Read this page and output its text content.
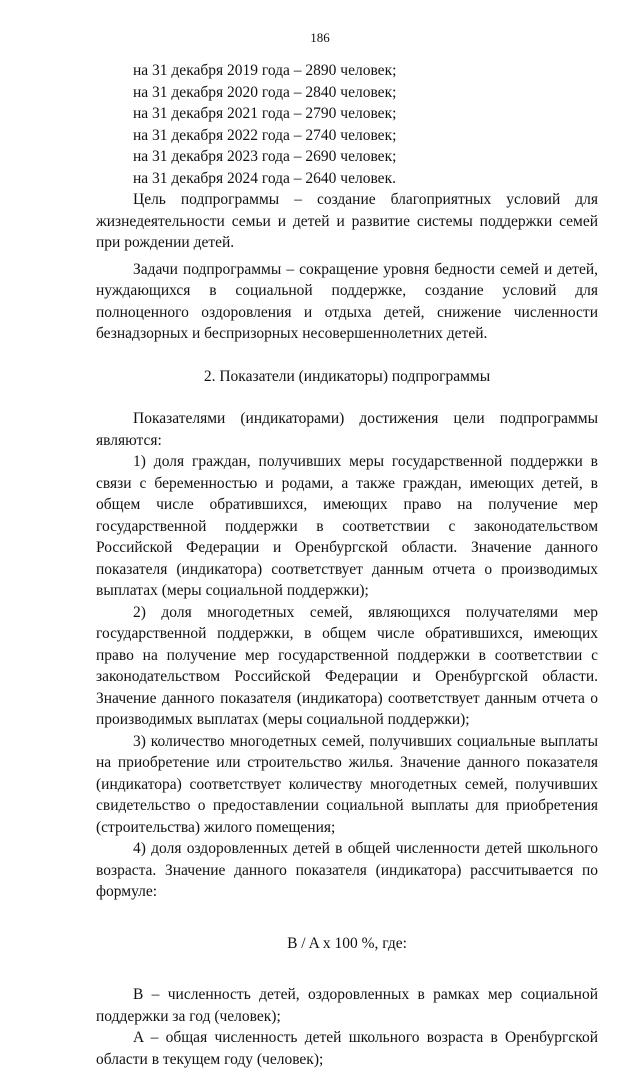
186

на 31 декабря 2019 года – 2890 человек;

на 31 декабря 2020 года – 2840 человек;

на 31 декабря 2021 года – 2790 человек;

на 31 декабря 2022 года – 2740 человек;

на 31 декабря 2023 года – 2690 человек;

на 31 декабря 2024 года – 2640 человек.

Цель подпрограммы – создание благоприятных условий для жизнедеятельности семьи и детей и развитие системы поддержки семей при рождении детей.

Задачи подпрограммы – сокращение уровня бедности семей и детей, нуждающихся в социальной поддержке, создание условий для полноценного оздоровления и отдыха детей, снижение численности безнадзорных и беспризорных несовершеннолетних детей.

2. Показатели (индикаторы) подпрограммы

Показателями (индикаторами) достижения цели подпрограммы являются:

1) доля граждан, получивших меры государственной поддержки в связи с беременностью и родами, а также граждан, имеющих детей, в общем числе обратившихся, имеющих право на получение мер государственной поддержки в соответствии с законодательством Российской Федерации и Оренбургской области. Значение данного показателя (индикатора) соответствует данным отчета о производимых выплатах (меры социальной поддержки);

2) доля многодетных семей, являющихся получателями мер государственной поддержки, в общем числе обратившихся, имеющих право на получение мер государственной поддержки в соответствии с законодательством Российской Федерации и Оренбургской области. Значение данного показателя (индикатора) соответствует данным отчета о производимых выплатах (меры социальной поддержки);

3) количество многодетных семей, получивших социальные выплаты на приобретение или строительство жилья. Значение данного показателя (индикатора) соответствует количеству многодетных семей, получивших свидетельство о предоставлении социальной выплаты для приобретения (строительства) жилого помещения;

4) доля оздоровленных детей в общей численности детей школьного возраста. Значение данного показателя (индикатора) рассчитывается по формуле:

B / A x 100 %, где:

B – численность детей, оздоровленных в рамках мер социальной поддержки за год (человек);

A – общая численность детей школьного возраста в Оренбургской области в текущем году (человек);
